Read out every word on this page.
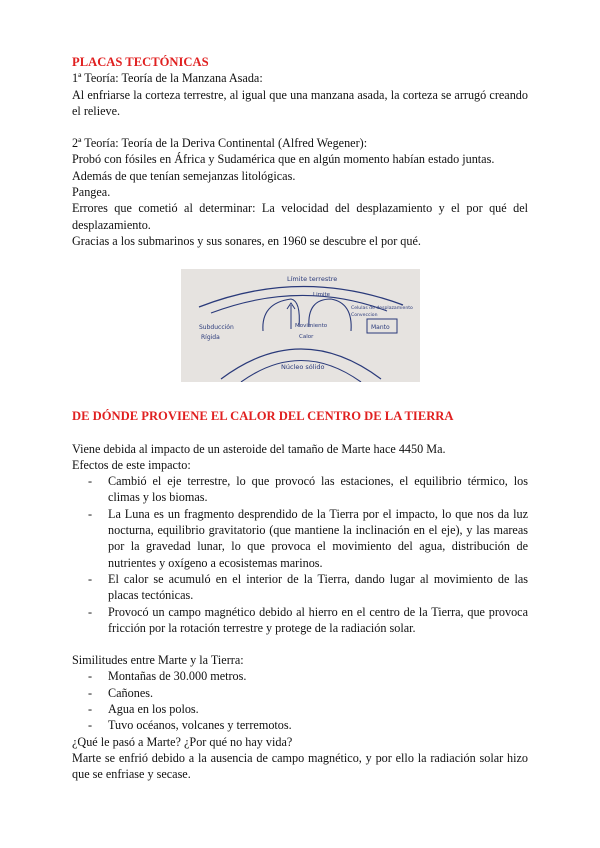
PLACAS TECTÓNICAS

1ª Teoría: Teoría de la Manzana Asada:

Al enfriarse la corteza terrestre, al igual que una manzana asada, la corteza se arrugó creando el relieve.

2ª Teoría: Teoría de la Deriva Continental (Alfred Wegener):

Probó con fósiles en África y Sudamérica que en algún momento habían estado juntas.

Además de que tenían semejanzas litológicas.

Pangea.

Errores que cometió al determinar: La velocidad del desplazamiento y el por qué del desplazamiento.

Gracias a los submarinos y sus sonares, en 1960 se descubre el por qué.

Límite terrestre
Limite
Subducción
Rígida
Movimiento
Calor
Celulas de desplazamiento
Conveccion
Manto
Núcleo sólido
DE DÓNDE PROVIENE EL CALOR DEL CENTRO DE LA TIERRA

Viene debida al impacto de un asteroide del tamaño de Marte hace 4450 Ma.

Efectos de este impacto:

- Cambió el eje terrestre, lo que provocó las estaciones, el equilibrio térmico, los climas y los biomas.
- La Luna es un fragmento desprendido de la Tierra por el impacto, lo que nos da luz nocturna, equilibrio gravitatorio (que mantiene la inclinación en el eje), y las mareas por la gravedad lunar, lo que provoca el movimiento del agua, distribución de nutrientes y oxígeno a ecosistemas marinos.
- El calor se acumuló en el interior de la Tierra, dando lugar al movimiento de las placas tectónicas.
- Provocó un campo magnético debido al hierro en el centro de la Tierra, que provoca fricción por la rotación terrestre y protege de la radiación solar.

Similitudes entre Marte y la Tierra:

- Montañas de 30.000 metros.
- Cañones.
- Agua en los polos.
- Tuvo océanos, volcanes y terremotos.

¿Qué le pasó a Marte? ¿Por qué no hay vida?

Marte se enfrió debido a la ausencia de campo magnético, y por ello la radiación solar hizo que se enfriase y secase.
